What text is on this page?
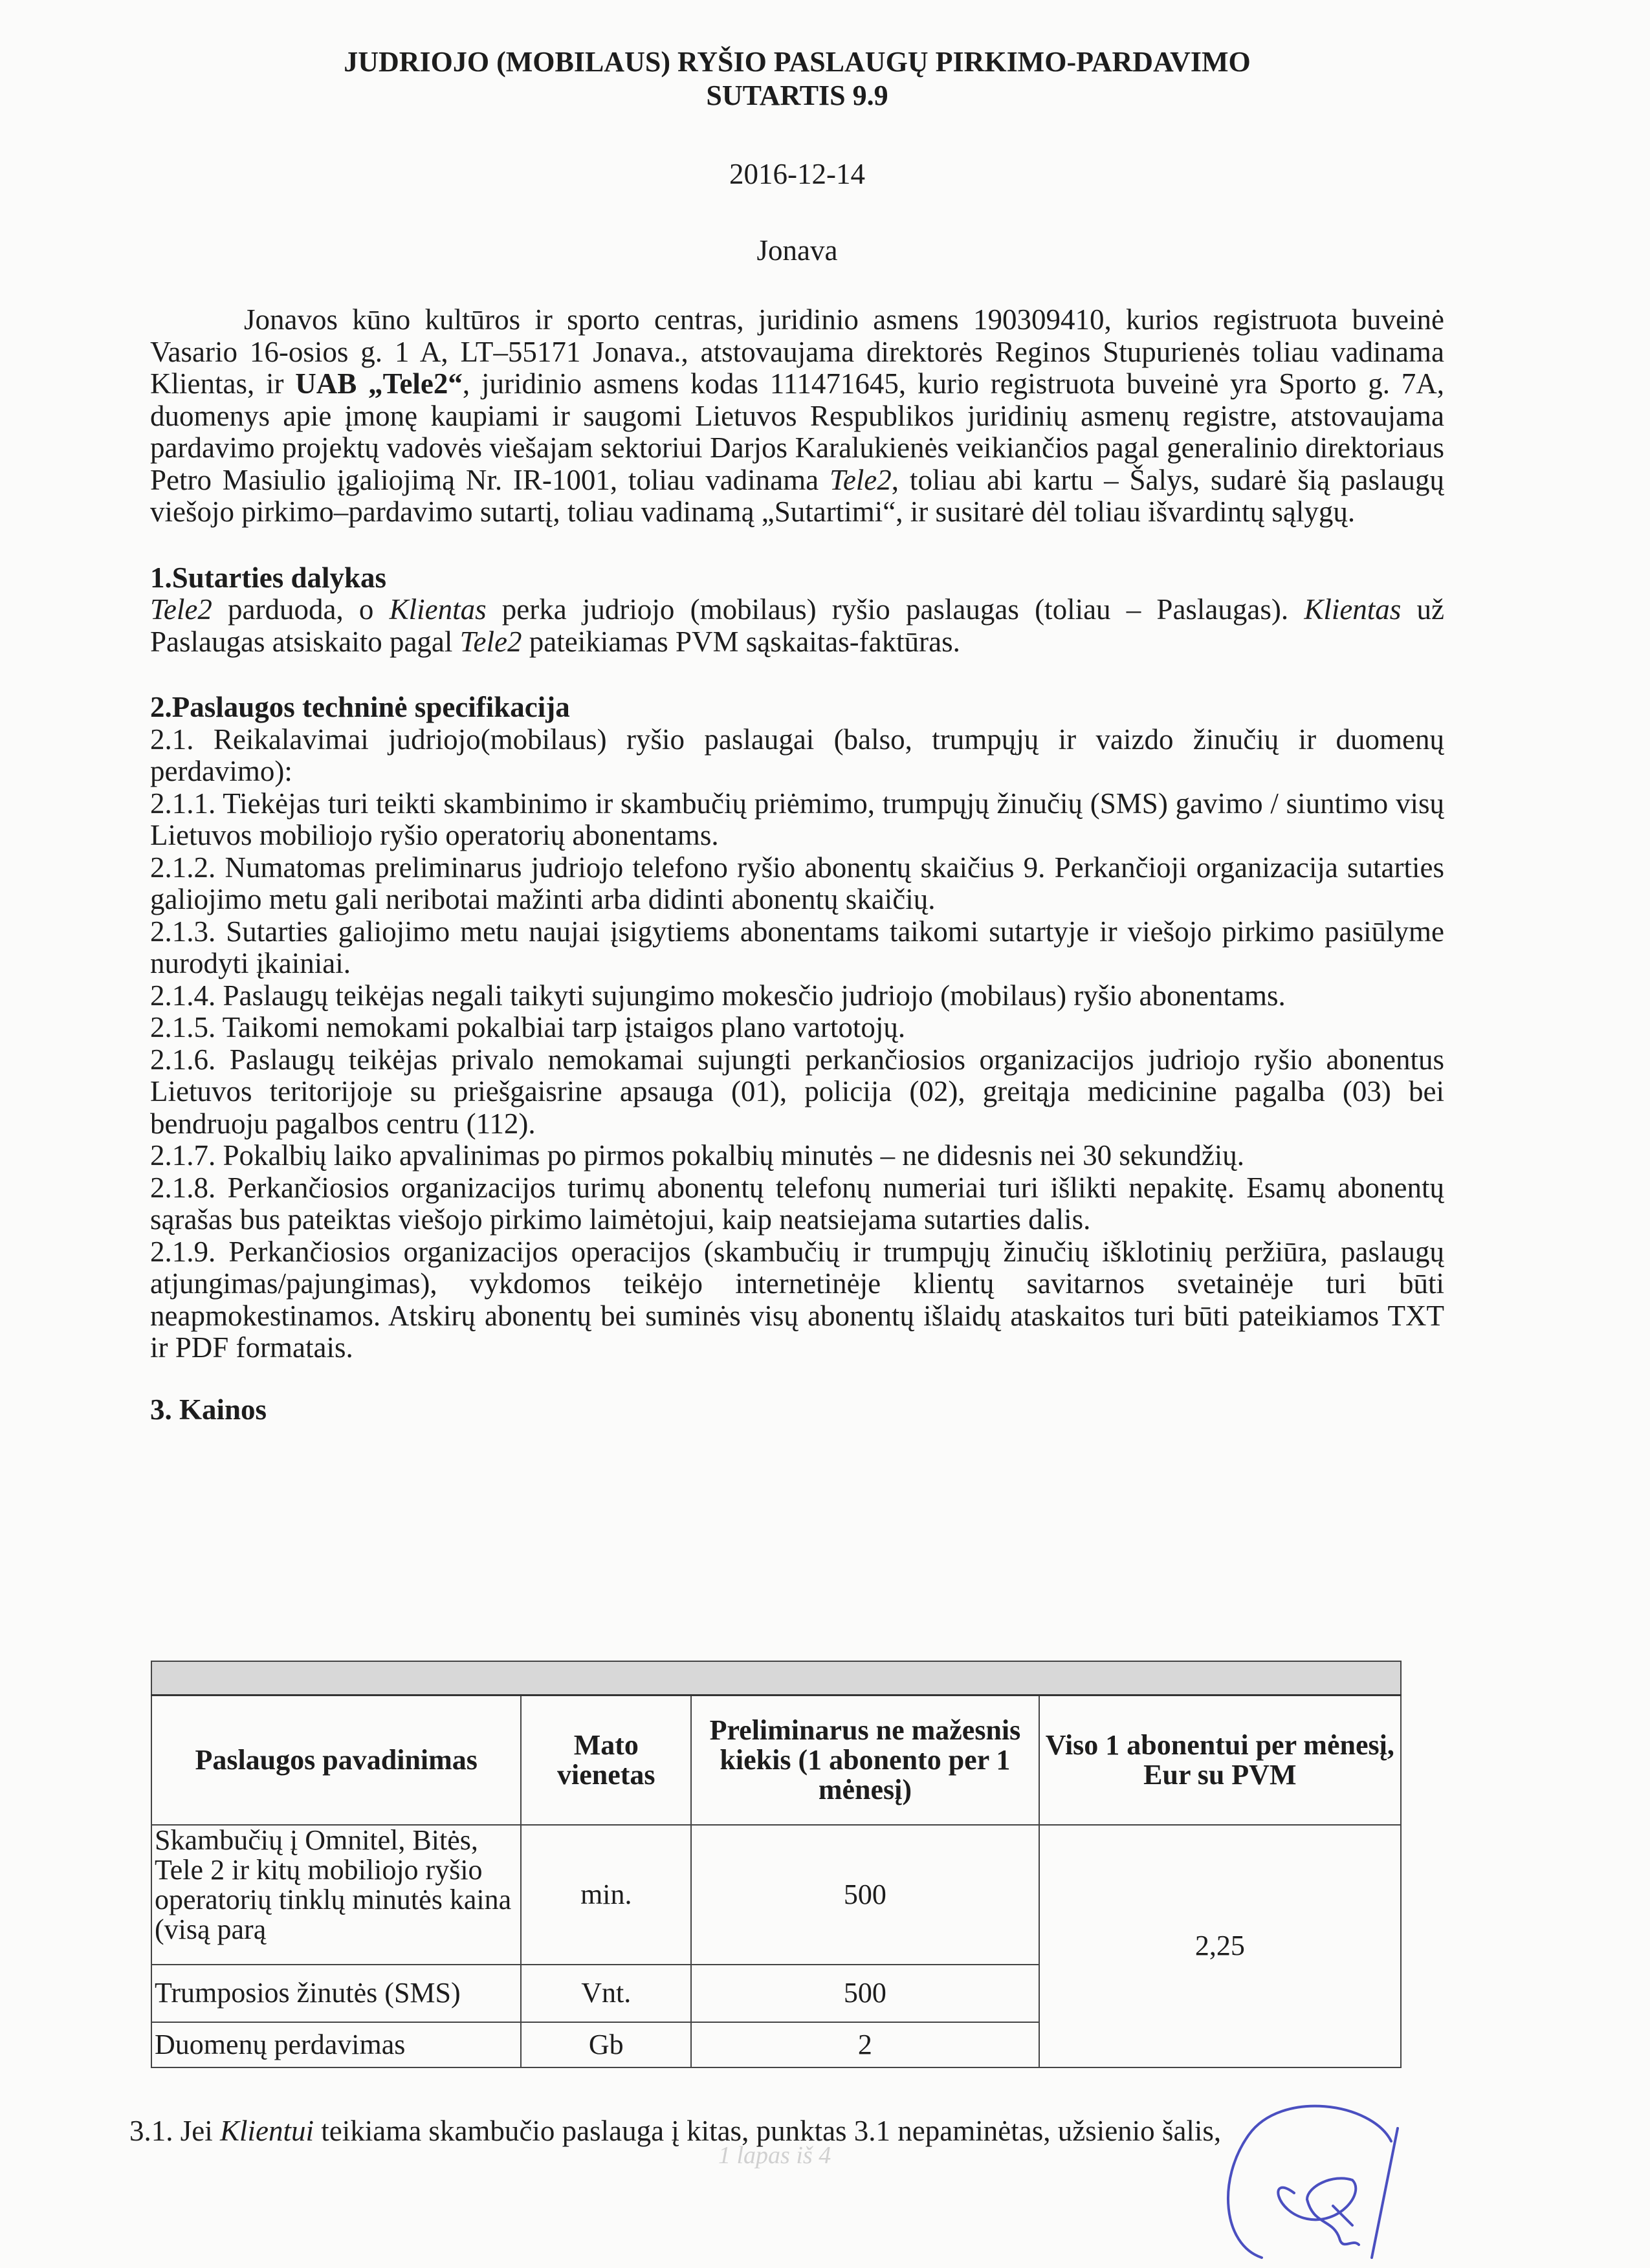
JUDRIOJO (MOBILAUS) RYŠIO PASLAUGŲ PIRKIMO-PARDAVIMO
SUTARTIS 9.9
2016-12-14
Jonava

Jonavos kūno kultūros ir sporto centras, juridinio asmens 190309410, kurios registruota buveinė Vasario 16-osios g. 1 A, LT–55171 Jonava., atstovaujama direktorės Reginos Stupurienės toliau vadinama Klientas, ir UAB „Tele2“, juridinio asmens kodas 111471645, kurio registruota buveinė yra Sporto g. 7A, duomenys apie įmonę kaupiami ir saugomi Lietuvos Respublikos juridinių asmenų registre, atstovaujama pardavimo projektų vadovės viešajam sektoriui Darjos Karalukienės veikiančios pagal generalinio direktoriaus Petro Masiulio įgaliojimą Nr. IR-1001, toliau vadinama Tele2, toliau abi kartu – Šalys, sudarė šią paslaugų viešojo pirkimo–pardavimo sutartį, toliau vadinamą „Sutartimi“, ir susitarė dėl toliau išvardintų sąlygų.

1.Sutarties dalykas

Tele2 parduoda, o Klientas perka judriojo (mobilaus) ryšio paslaugas (toliau – Paslaugas). Klientas už Paslaugas atsiskaito pagal Tele2 pateikiamas PVM sąskaitas-faktūras.

2.Paslaugos techninė specifikacija

2.1. Reikalavimai judriojo(mobilaus) ryšio paslaugai (balso, trumpųjų ir vaizdo žinučių ir duomenų perdavimo):

2.1.1. Tiekėjas turi teikti skambinimo ir skambučių priėmimo, trumpųjų žinučių (SMS) gavimo / siuntimo visų Lietuvos mobiliojo ryšio operatorių abonentams.

2.1.2. Numatomas preliminarus judriojo telefono ryšio abonentų skaičius 9. Perkančioji organizacija sutarties galiojimo metu gali neribotai mažinti arba didinti abonentų skaičių.

2.1.3. Sutarties galiojimo metu naujai įsigytiems abonentams taikomi sutartyje ir viešojo pirkimo pasiūlyme nurodyti įkainiai.

2.1.4. Paslaugų teikėjas negali taikyti sujungimo mokesčio judriojo (mobilaus) ryšio abonentams.

2.1.5. Taikomi nemokami pokalbiai tarp įstaigos plano vartotojų.

2.1.6. Paslaugų teikėjas privalo nemokamai sujungti perkančiosios organizacijos judriojo ryšio abonentus Lietuvos teritorijoje su priešgaisrine apsauga (01), policija (02), greitąja medicinine pagalba (03) bei bendruoju pagalbos centru (112).

2.1.7. Pokalbių laiko apvalinimas po pirmos pokalbių minutės – ne didesnis nei 30 sekundžių.

2.1.8. Perkančiosios organizacijos turimų abonentų telefonų numeriai turi išlikti nepakitę. Esamų abonentų sąrašas bus pateiktas viešojo pirkimo laimėtojui, kaip neatsiejama sutarties dalis.

2.1.9. Perkančiosios organizacijos operacijos (skambučių ir trumpųjų žinučių išklotinių peržiūra, paslaugų atjungimas/pajungimas), vykdomos teikėjo internetinėje klientų savitarnos svetainėje turi būti neapmokestinamos. Atskirų abonentų bei suminės visų abonentų išlaidų ataskaitos turi būti pateikiamos TXT ir PDF formatais.

3. Kainos

Paslaugos pavadinimas	Mato vienetas	Preliminarus ne mažesnis kiekis (1 abonento per 1 mėnesį)	Viso 1 abonentui per mėnesį, Eur su PVM
Skambučių į Omnitel, Bitės, Tele 2 ir kitų mobiliojo ryšio operatorių tinklų minutės kaina (visą parą	min.	500	2,25
Trumposios žinutės (SMS)	Vnt.	500	
Duomenų perdavimas	Gb	2	

3.1. Jei Klientui teikiama skambučio paslauga į kitas, punktas 3.1 nepaminėtas, užsienio šalis,

1 lapas iš 4
